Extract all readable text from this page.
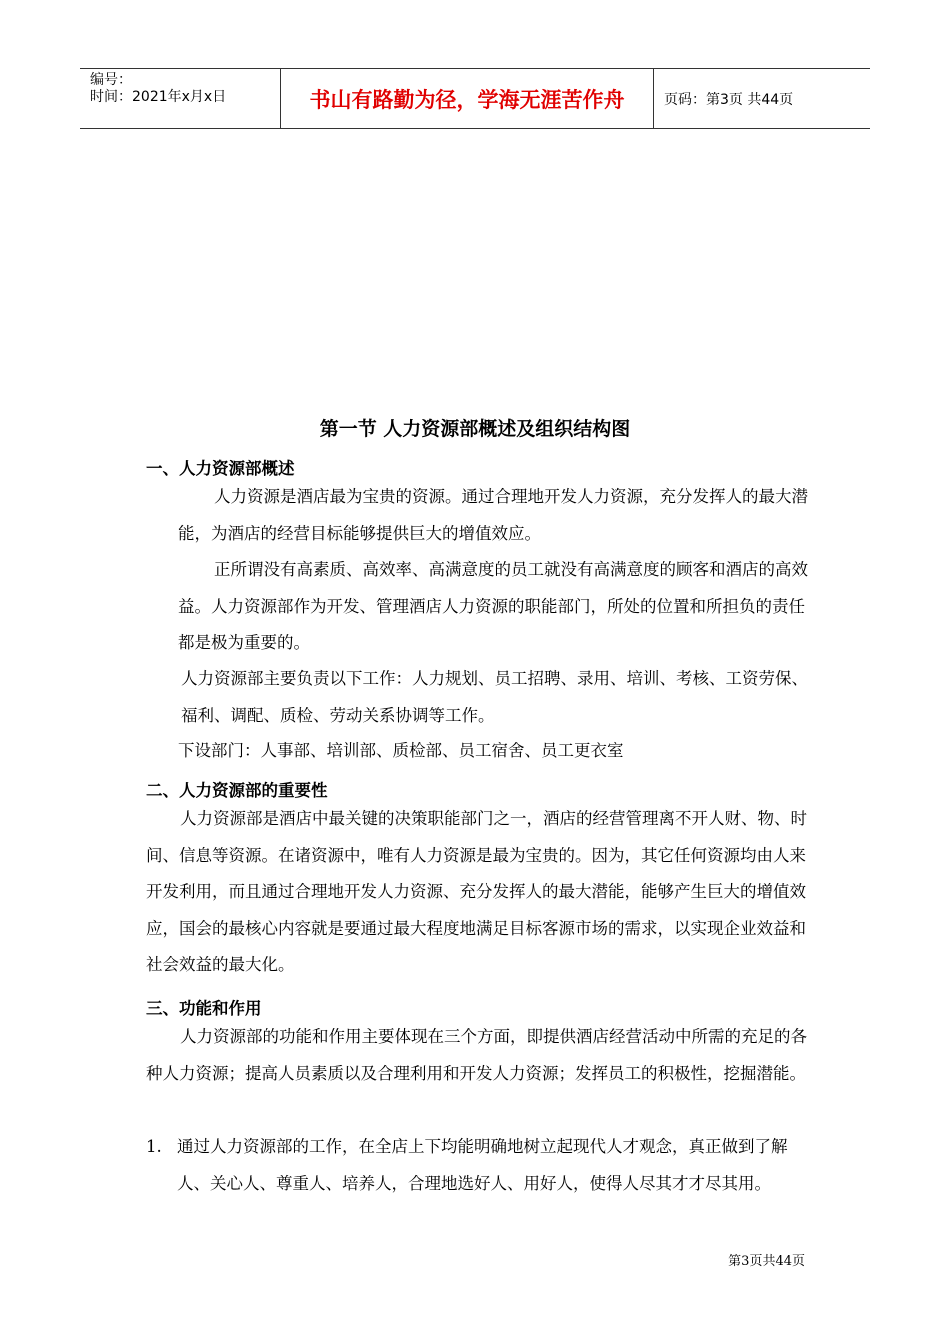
编号：
时间：2021年x月x日	书山有路勤为径，学海无涯苦作舟	页码：第3页 共44页
第一节 人力资源部概述及组织结构图
一、人力资源部概述

人力资源是酒店最为宝贵的资源。通过合理地开发人力资源，充分发挥人的最大潜能，为酒店的经营目标能够提供巨大的增值效应。

正所谓没有高素质、高效率、高满意度的员工就没有高满意度的顾客和酒店的高效益。人力资源部作为开发、管理酒店人力资源的职能部门，所处的位置和所担负的责任都是极为重要的。

人力资源部主要负责以下工作：人力规划、员工招聘、录用、培训、考核、工资劳保、福利、调配、质检、劳动关系协调等工作。

下设部门：人事部、培训部、质检部、员工宿舍、员工更衣室

二、人力资源部的重要性

人力资源部是酒店中最关键的决策职能部门之一，酒店的经营管理离不开人财、物、时间、信息等资源。在诸资源中，唯有人力资源是最为宝贵的。因为，其它任何资源均由人来开发利用，而且通过合理地开发人力资源、充分发挥人的最大潜能，能够产生巨大的增值效应，国会的最核心内容就是要通过最大程度地满足目标客源市场的需求，以实现企业效益和社会效益的最大化。

三、功能和作用

人力资源部的功能和作用主要体现在三个方面，即提供酒店经营活动中所需的充足的各种人力资源；提高人员素质以及合理利用和开发人力资源；发挥员工的积极性，挖掘潜能。

1. 通过人力资源部的工作，在全店上下均能明确地树立起现代人才观念，真正做到了解人、关心人、尊重人、培养人，合理地选好人、用好人，使得人尽其才才尽其用。

第3页共44页
